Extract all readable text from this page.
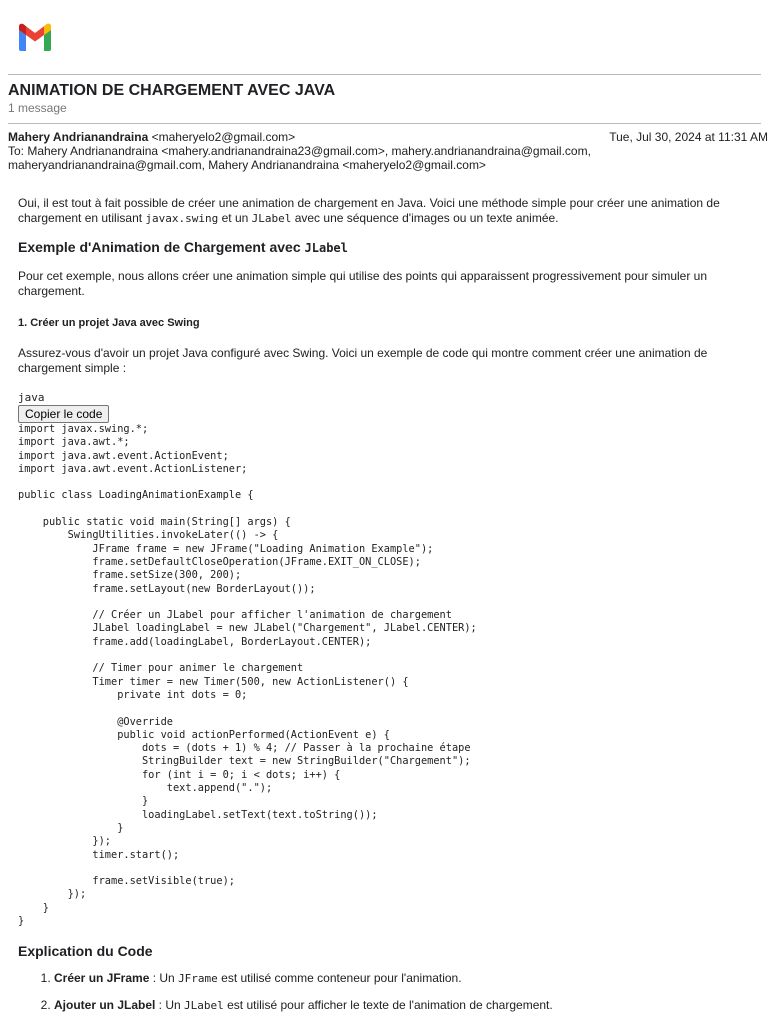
ANIMATION DE CHARGEMENT AVEC JAVA
1 message
Mahery Andrianandraina <maheryelo2@gmail.com>	Tue, Jul 30, 2024 at 11:31 AM
To: Mahery Andrianandraina <mahery.andrianandraina23@gmail.com>, mahery.andrianandraina@gmail.com,
maheryandrianandraina@gmail.com, Mahery Andrianandraina <maheryelo2@gmail.com>

Oui, il est tout à fait possible de créer une animation de chargement en Java. Voici une méthode simple pour créer une animation de chargement en utilisant javax.swing et un JLabel avec une séquence d'images ou un texte animée.

Exemple d'Animation de Chargement avec JLabel

Pour cet exemple, nous allons créer une animation simple qui utilise des points qui apparaissent progressivement pour simuler un chargement.

1. Créer un projet Java avec Swing

Assurez-vous d'avoir un projet Java configuré avec Swing. Voici un exemple de code qui montre comment créer une animation de chargement simple :

java
Copier le code
import javax.swing.*;
import java.awt.*;
import java.awt.event.ActionEvent;
import java.awt.event.ActionListener;

public class LoadingAnimationExample {

public static void main(String[] args) {
SwingUtilities.invokeLater(() -> {
JFrame frame = new JFrame("Loading Animation Example");
frame.setDefaultCloseOperation(JFrame.EXIT_ON_CLOSE);
frame.setSize(300, 200);
frame.setLayout(new BorderLayout());

// Créer un JLabel pour afficher l'animation de chargement
JLabel loadingLabel = new JLabel("Chargement", JLabel.CENTER);
frame.add(loadingLabel, BorderLayout.CENTER);

// Timer pour animer le chargement
Timer timer = new Timer(500, new ActionListener() {
private int dots = 0;

@Override
public void actionPerformed(ActionEvent e) {
dots = (dots + 1) % 4; // Passer à la prochaine étape
StringBuilder text = new StringBuilder("Chargement");
for (int i = 0; i < dots; i++) {
text.append(".");
}
loadingLabel.setText(text.toString());
}
});
timer.start();

frame.setVisible(true);
});
}
}

Explication du Code

1. Créer un JFrame : Un JFrame est utilisé comme conteneur pour l'animation.
2. Ajouter un JLabel : Un JLabel est utilisé pour afficher le texte de l'animation de chargement.
